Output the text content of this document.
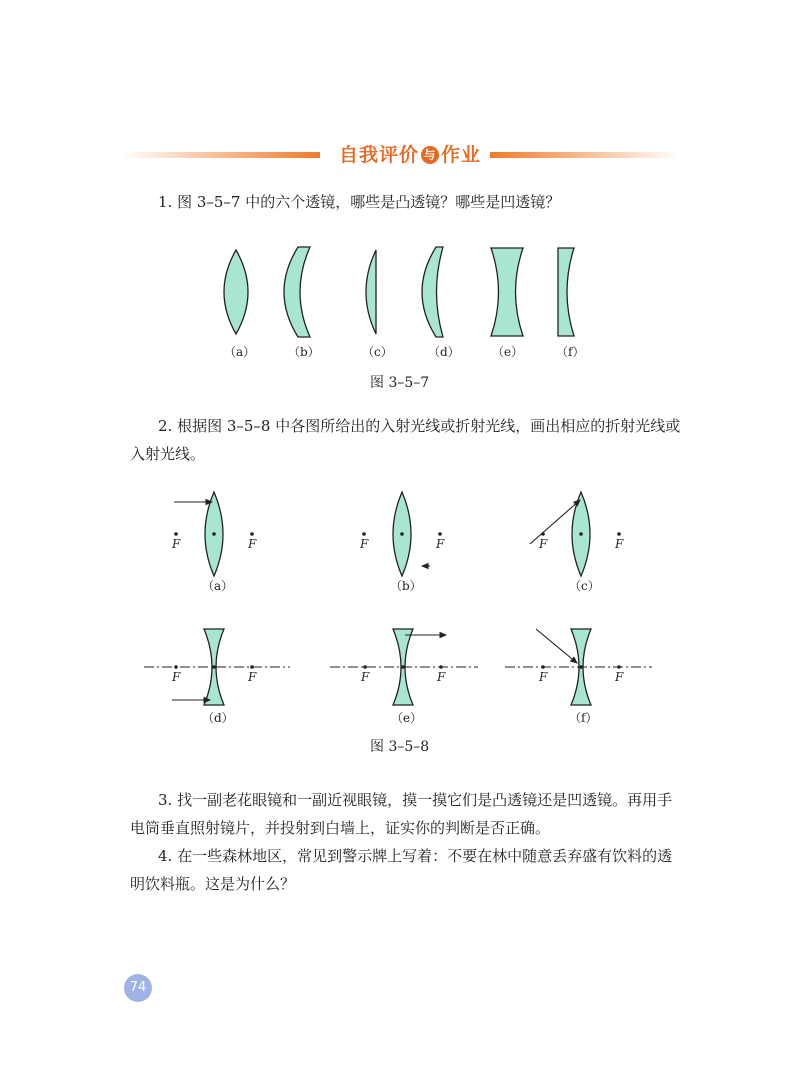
自我评价 与 作业
1. 图 3–5–7 中的六个透镜，哪些是凸透镜？哪些是凹透镜？
（a）	（b）	（c）	（d）	（e）	（f）
图 3–5–7
2. 根据图 3–5–8 中各图所给出的入射光线或折射光线，画出相应的折射光线或入射光线。
F	F	F	F	F	F
F	F	F	F	F	F
（a）	（b）	（c）
（d）	（e）	（f）
图 3–5–8
3. 找一副老花眼镜和一副近视眼镜，摸一摸它们是凸透镜还是凹透镜。再用手电筒垂直照射镜片，并投射到白墙上，证实你的判断是否正确。
4. 在一些森林地区，常见到警示牌上写着：不要在林中随意丢弃盛有饮料的透明饮料瓶。这是为什么？
74
